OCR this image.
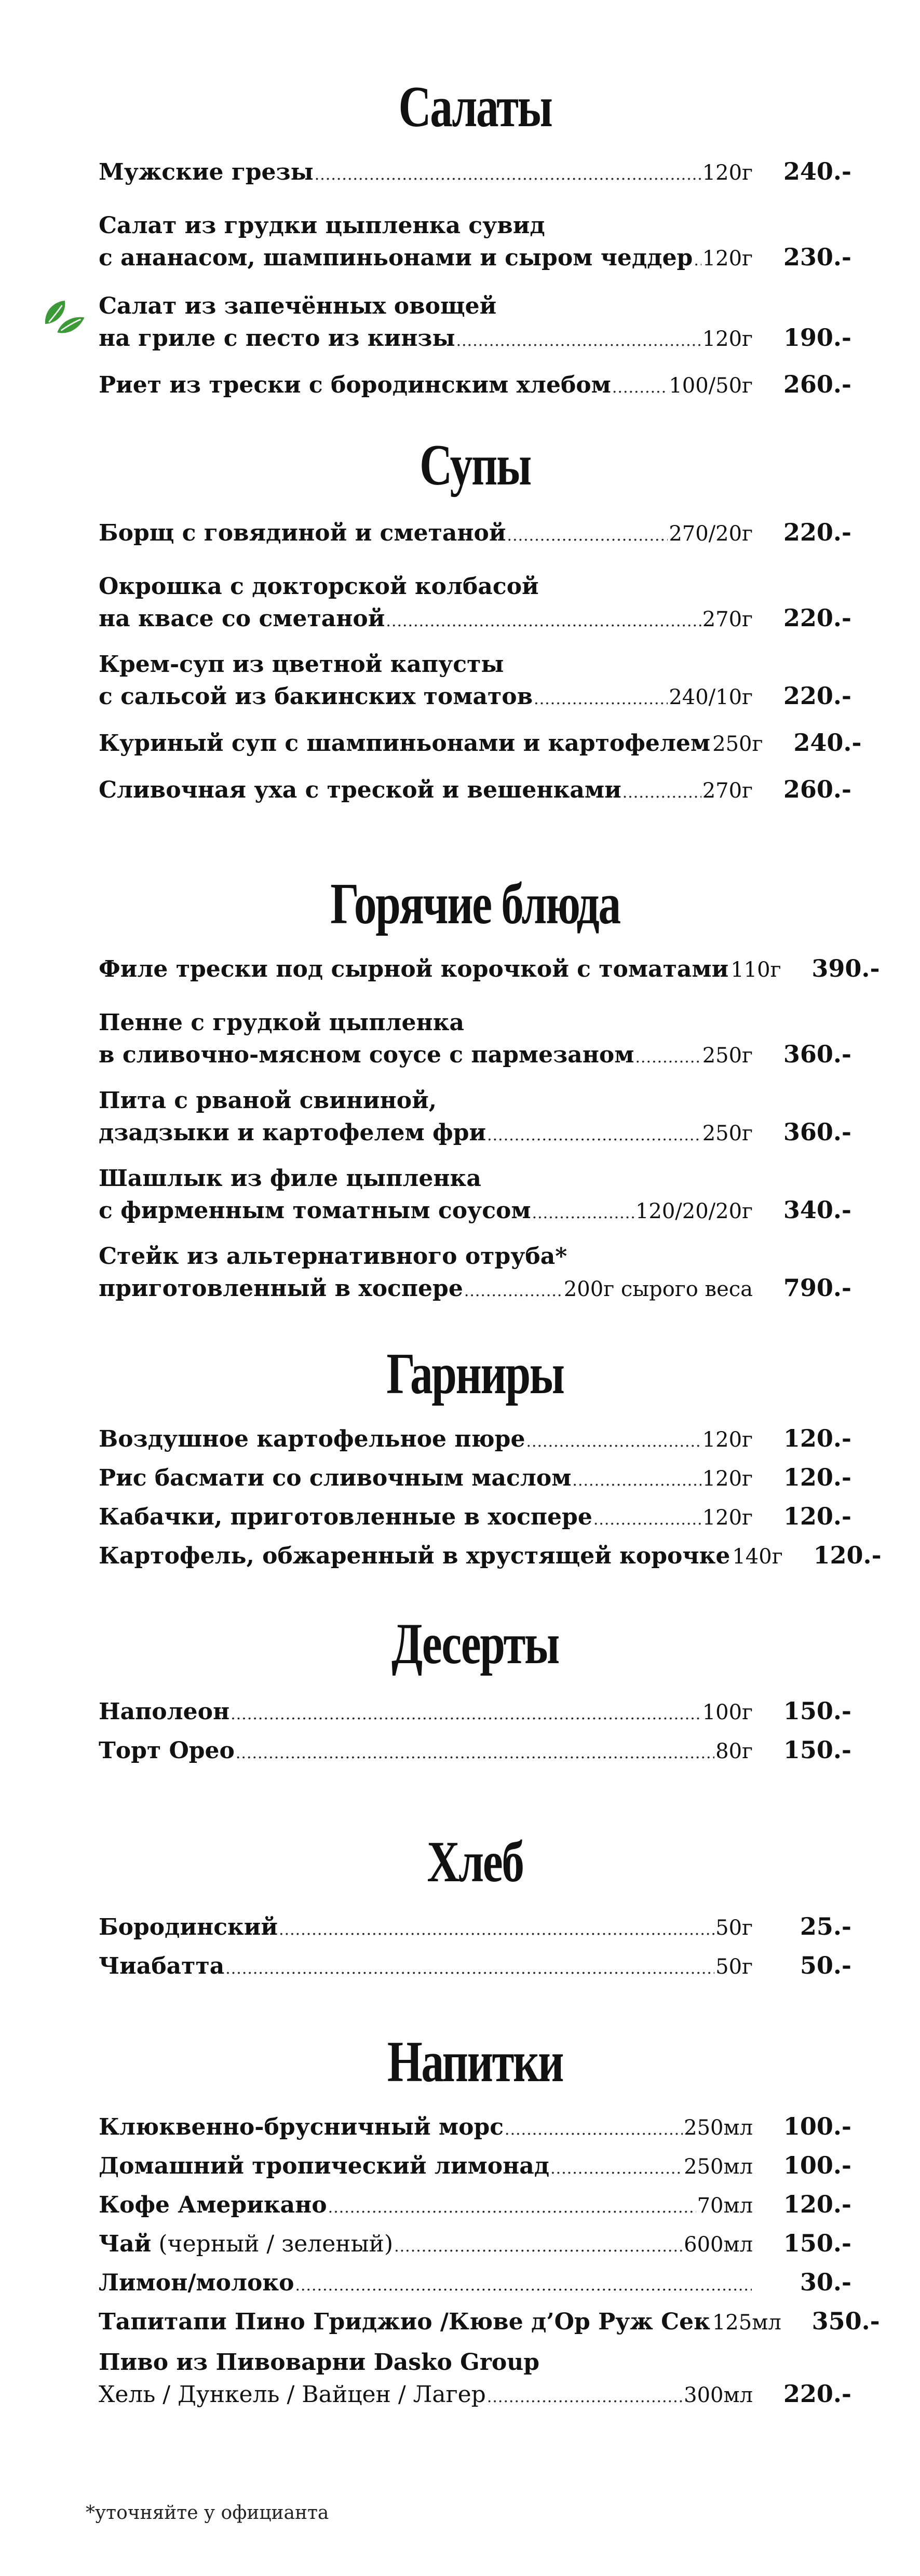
Салаты
Мужские грезы .....	120г	240.-
Салат из грудки цыпленка сувид
с ананасом, шампиньонами и сыром чеддер ..... 120г	230.-
Салат из запечённых овощей
на гриле с песто из кинзы .....	120г	190.-
Риет из трески с бородинским хлебом .....	100/50г	260.-
Супы
Борщ с говядиной и сметаной .....	270/20г	220.-
Окрошка с докторской колбасой
на квасе со сметаной .....	270г	220.-
Крем-суп из цветной капусты
с сальсой из бакинских томатов .....	240/10г	220.-
Куриный суп с шампиньонами и картофелем 250г	240.-
Сливочная уха с треской и вешенками .....	270г	260.-
Горячие блюда
Филе трески под сырной корочкой с томатами 110г	390.-
Пенне с грудкой цыпленка
в сливочно-мясном соусе с пармезаном .....	250г	360.-
Пита с рваной свининой,
дзадзыки и картофелем фри .....	250г	360.-
Шашлык из филе цыпленка
с фирменным томатным соусом .....	120/20/20г	340.-
Стейк из альтернативного отруба*
приготовленный в хоспере .....	200г сырого веса	790.-
Гарниры
Воздушное картофельное пюре .....	120г	120.-
Рис басмати со сливочным маслом .....	120г	120.-
Кабачки, приготовленные в хоспере .....	120г	120.-
Картофель, обжаренный в хрустящей корочке 140г	120.-
Десерты
Наполеон .....	100г	150.-
Торт Орео .....	80г	150.-
Хлеб
Бородинский .....	50г	25.-
Чиабатта .....	50г	50.-
Напитки
Клюквенно-брусничный морс .....	250мл	100.-
Домашний тропический лимонад .....	250мл	100.-
Кофе Американо .....	70мл	120.-
Чай (черный / зеленый) .....	600мл	150.-
Лимон/молоко .....	30.-
Тапитапи Пино Гриджио /Кюве д’Ор Руж Сек 125мл	350.-
Пиво из Пивоварни Dasko Group
Хель / Дункель / Вайцен / Лагер .....	300мл	220.-
*уточняйте у официанта
